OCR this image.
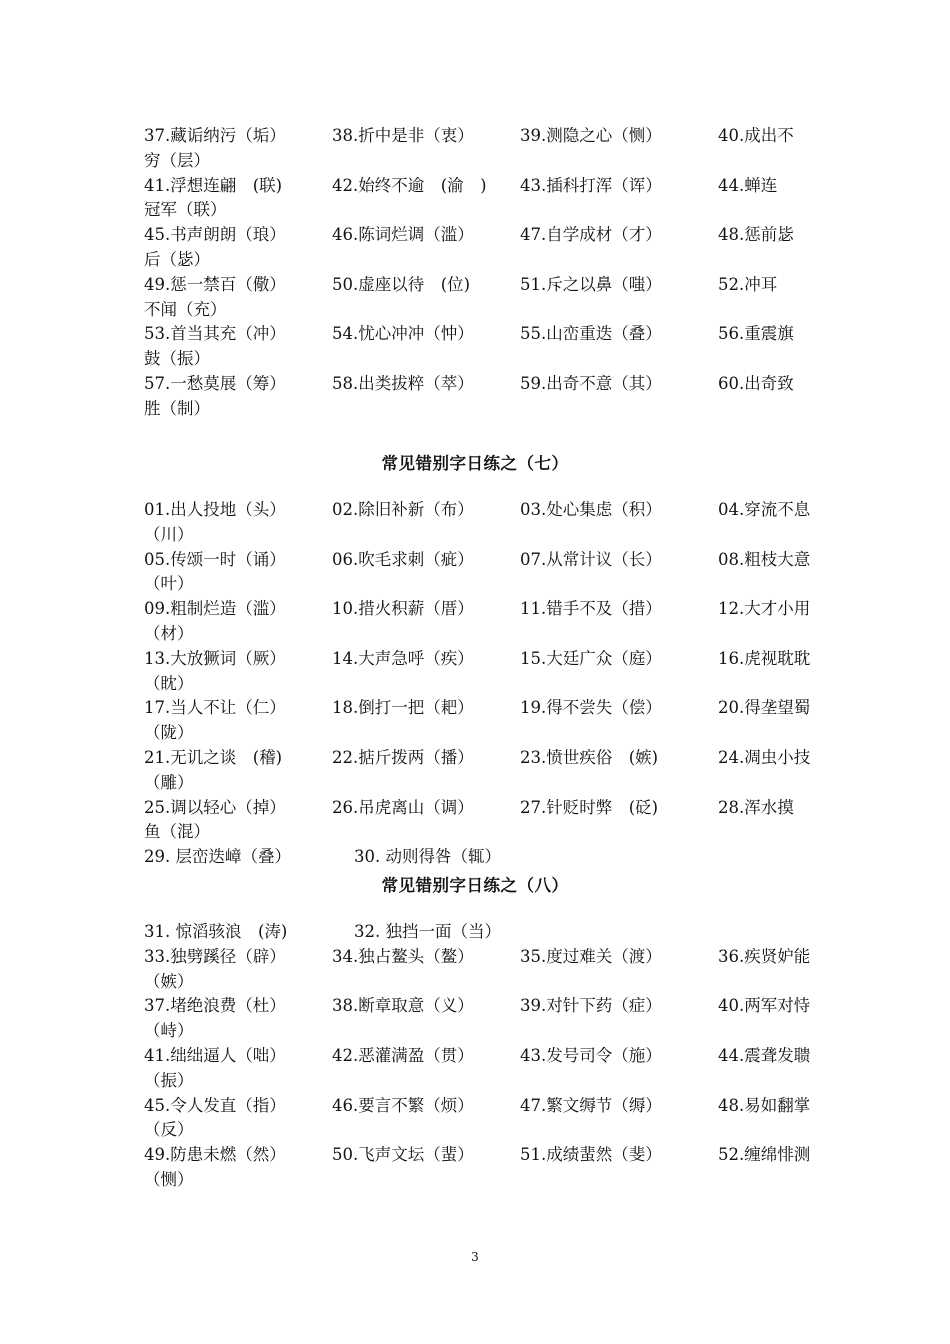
37.藏诟纳污（垢）	38.折中是非（衷）	39.测隐之心（恻）	40.成出不
穷（层）
41.浮想连翩　(联)	42.始终不逾　(渝　) 43.插科打浑（诨）	44.蝉连
冠军（联）
45.书声朗朗（琅）	46.陈词烂调（滥）	47.自学成材（才）	48.惩前毖
后（毖）
49.惩一禁百（儆）	50.虚座以待　(位)	51.斥之以鼻（嗤）	52.冲耳
不闻（充）
53.首当其充（冲）	54.忧心冲冲（忡）	55.山峦重迭（叠）	56.重震旗
鼓（振）
57.一愁莫展（筹）	58.出类拔粹（萃）	59.出奇不意（其）	60.出奇致
胜（制）
常见错别字日练之（七）
01.出人投地（头）	02.除旧补新（布）	03.处心集虑（积）	04.穿流不息
（川）
05.传颂一时（诵）	06.吹毛求刺（疵）	07.从常计议（长）	08.粗枝大意
（叶）
09.粗制烂造（滥）	10.措火积薪（厝）	11.错手不及（措）	12.大才小用
（材）
13.大放獗词（厥）	14.大声急呼（疾）	15.大廷广众（庭）	16.虎视耽耽
（眈）
17.当人不让（仁）	18.倒打一把（耙）	19.得不尝失（偿）	20.得垄望蜀
（陇）
21.无讥之谈　(稽)	22.掂斤拨两（播）	23.愤世疾俗　(嫉)	24.凋虫小技
（雕）
25.调以轻心（掉）	26.吊虎离山（调）	27.针贬时弊　(砭)	28.浑水摸
鱼（混）
29. 层峦迭嶂（叠）	30. 动则得咎（辄）
常见错别字日练之（八）
31. 惊滔骇浪　(涛)	32. 独挡一面（当）
33.独劈蹊径（辟）	34.独占鳌头（鳌）	35.度过难关（渡）	36.疾贤妒能
（嫉）
37.堵绝浪费（杜）	38.断章取意（义）	39.对针下药（症）	40.两军对恃
（峙）
41.绌绌逼人（咄）	42.恶灌满盈（贯）	43.发号司令（施）	44.震聋发聩
（振）
45.令人发直（指）	46.要言不繁（烦）	47.繁文缛节（缛）	48.易如翻掌
（反）
49.防患未燃（然）	50.飞声文坛（蜚）	51.成绩蜚然（斐）	52.缠绵悱测
（恻）
3
